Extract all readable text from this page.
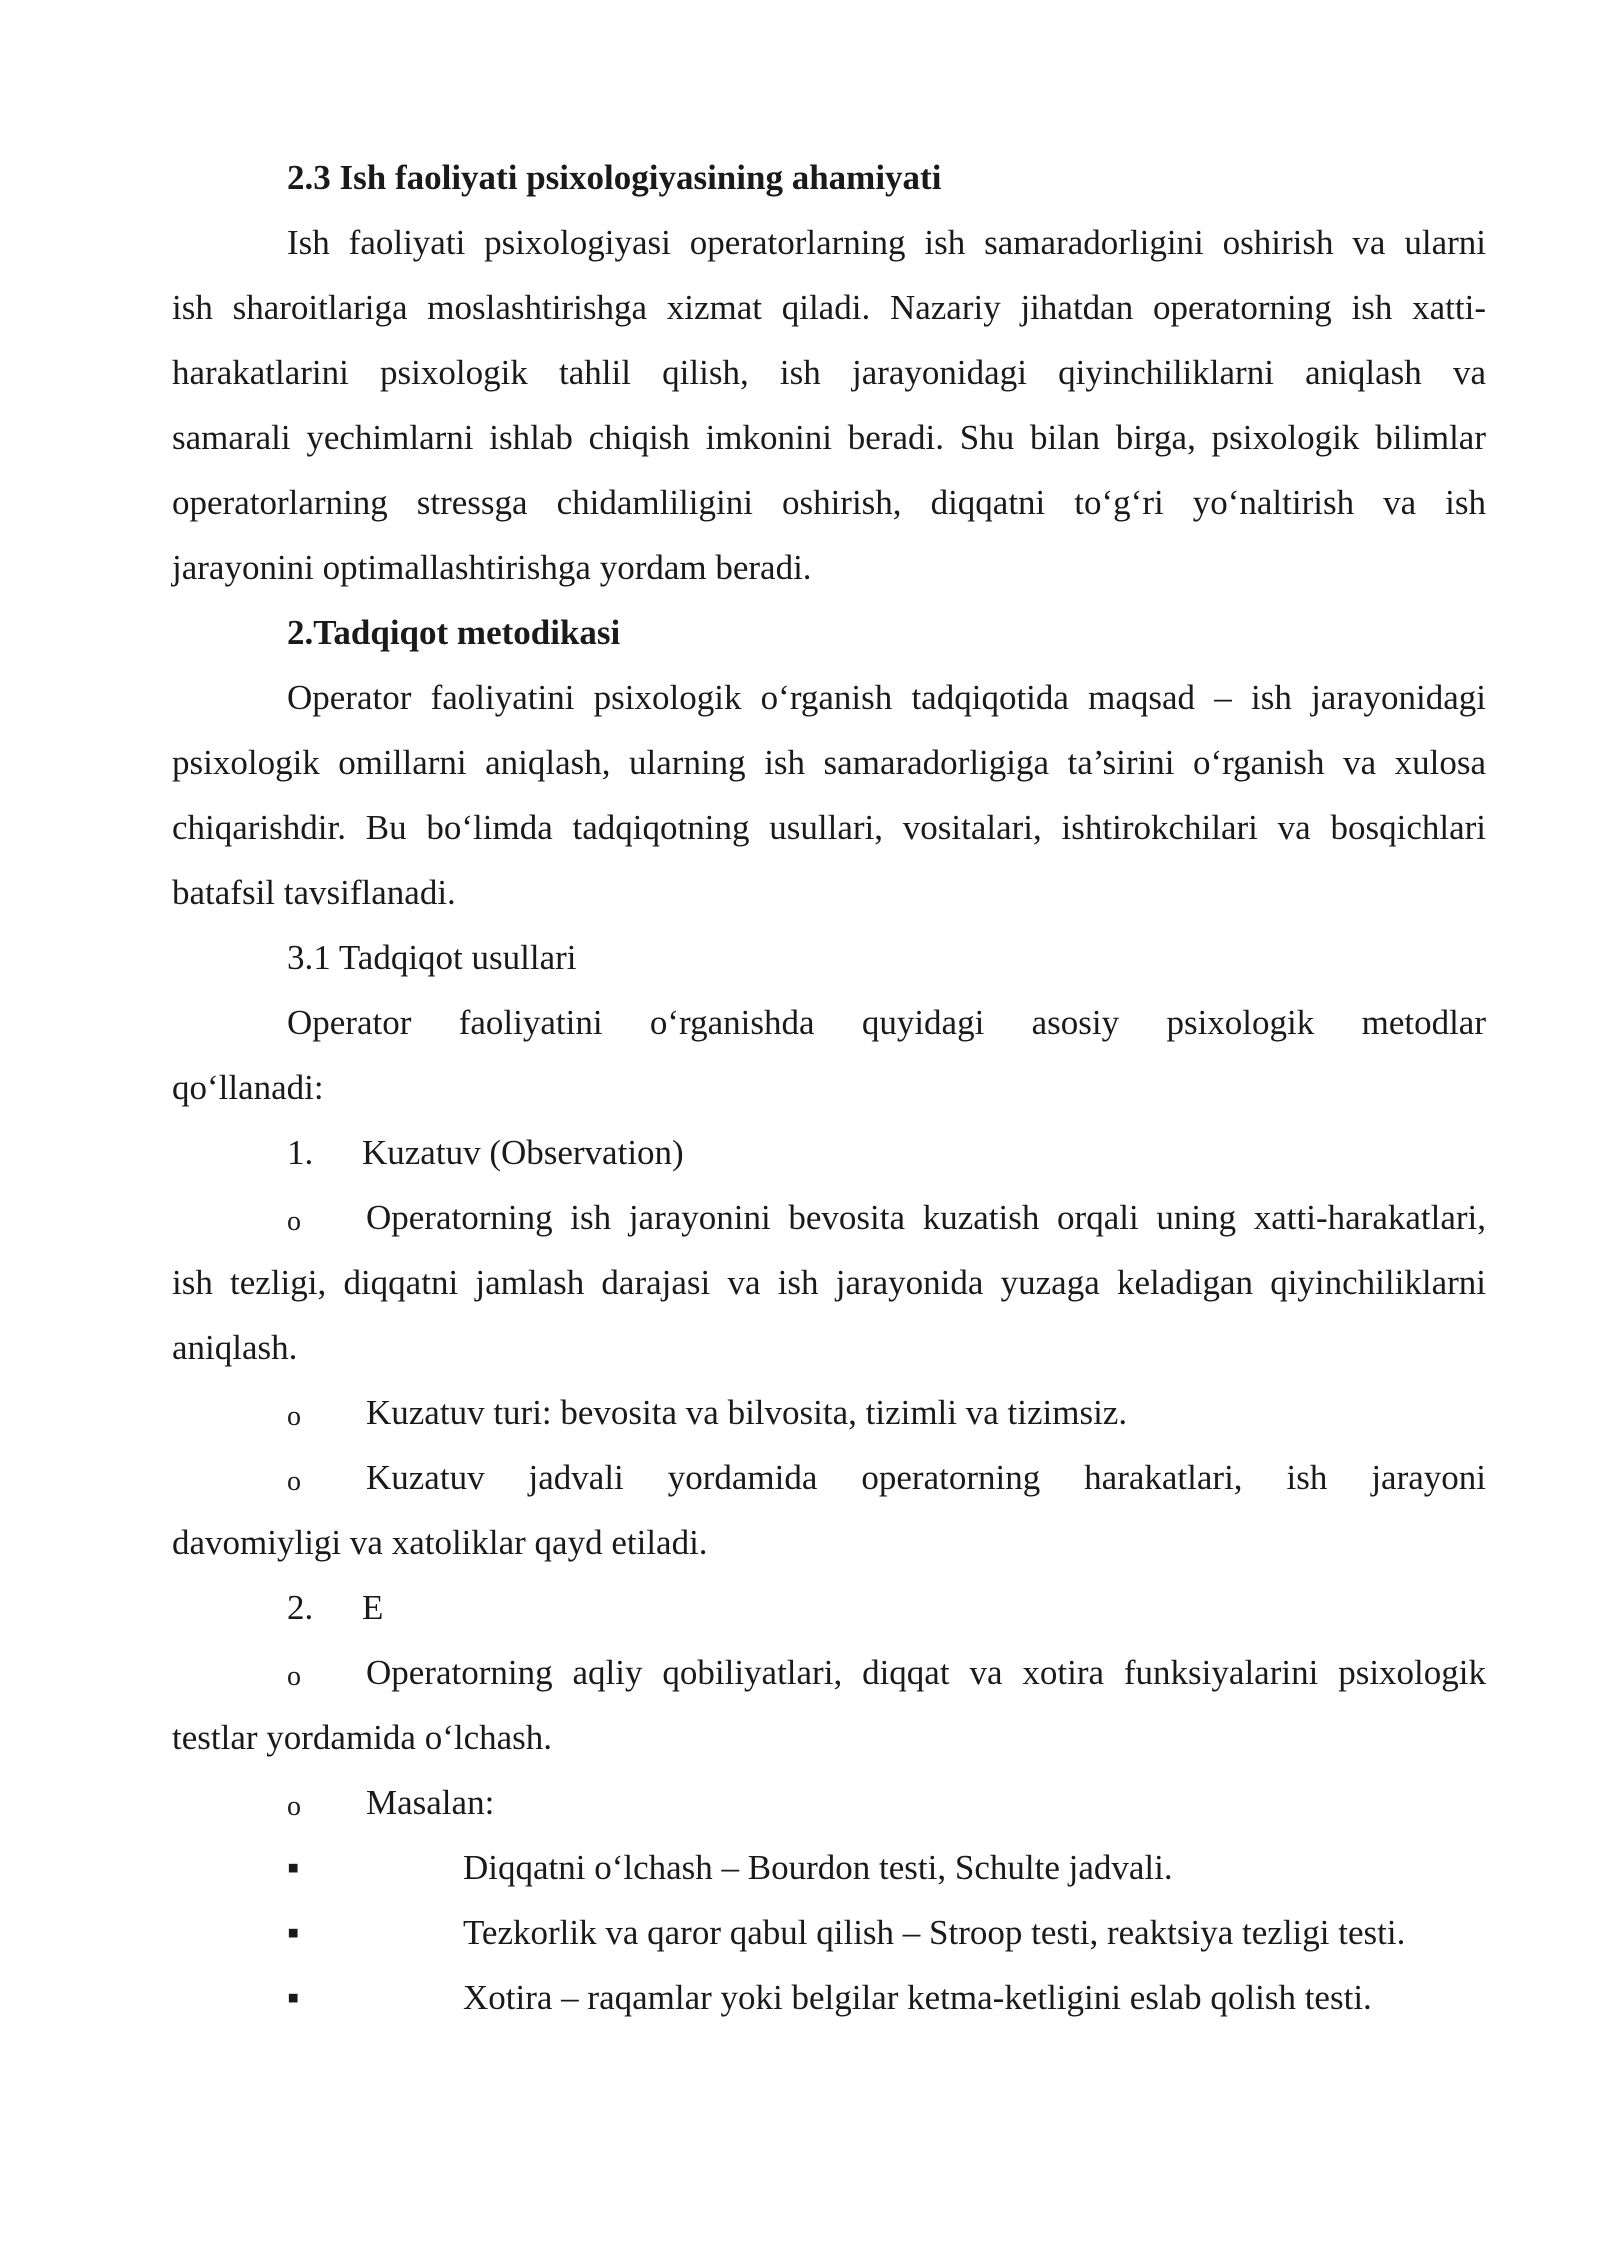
2.3 Ish faoliyati psixologiyasining ahamiyati
Ish faoliyati psixologiyasi operatorlarning ish samaradorligini oshirish va ularni
ish sharoitlariga moslashtirishga xizmat qiladi. Nazariy jihatdan operatorning ish xatti-
harakatlarini psixologik tahlil qilish, ish jarayonidagi qiyinchiliklarni aniqlash va
samarali yechimlarni ishlab chiqish imkonini beradi. Shu bilan birga, psixologik bilimlar
operatorlarning stressga chidamliligini oshirish, diqqatni to‘g‘ri yo‘naltirish va ish
jarayonini optimallashtirishga yordam beradi.
2.Tadqiqot metodikasi
Operator faoliyatini psixologik o‘rganish tadqiqotida maqsad – ish jarayonidagi
psixologik omillarni aniqlash, ularning ish samaradorligiga ta’sirini o‘rganish va xulosa
chiqarishdir. Bu bo‘limda tadqiqotning usullari, vositalari, ishtirokchilari va bosqichlari
batafsil tavsiflanadi.
3.1 Tadqiqot usullari
Operator faoliyatini o‘rganishda quyidagi asosiy psixologik metodlar
qo‘llanadi:
1. Kuzatuv (Observation)
o Operatorning ish jarayonini bevosita kuzatish orqali uning xatti-harakatlari,
ish tezligi, diqqatni jamlash darajasi va ish jarayonida yuzaga keladigan qiyinchiliklarni
aniqlash.
o Kuzatuv turi: bevosita va bilvosita, tizimli va tizimsiz.
o Kuzatuv jadvali yordamida operatorning harakatlari, ish jarayoni
davomiyligi va xatoliklar qayd etiladi.
2. E
o Operatorning aqliy qobiliyatlari, diqqat va xotira funksiyalarini psixologik
testlar yordamida o‘lchash.
o Masalan:
▪	Diqqatni o‘lchash – Bourdon testi, Schulte jadvali.
▪	Tezkorlik va qaror qabul qilish – Stroop testi, reaktsiya tezligi testi.
▪	Xotira – raqamlar yoki belgilar ketma-ketligini eslab qolish testi.
